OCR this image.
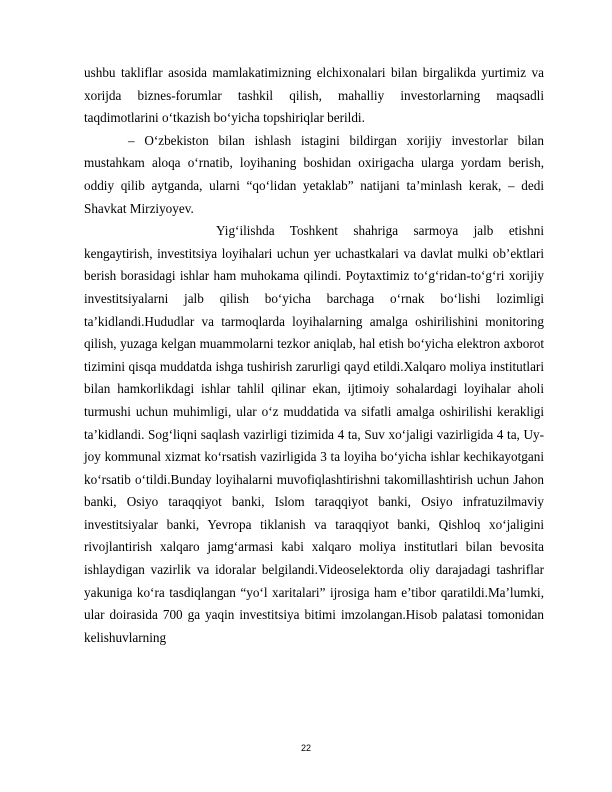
ushbu takliflar asosida mamlakatimizning elchixonalari bilan birgalikda yurtimiz va xorijda biznes-forumlar tashkil qilish, mahalliy investorlarning maqsadli taqdimotlarini o‘tkazish bo‘yicha topshiriqlar berildi.

– O‘zbekiston bilan ishlash istagini bildirgan xorijiy investorlar bilan mustahkam aloqa o‘rnatib, loyihaning boshidan oxirigacha ularga yordam berish, oddiy qilib aytganda, ularni “qo‘lidan yetaklab” natijani ta’minlash kerak, – dedi Shavkat Mirziyoyev.

Yig‘ilishda Toshkent shahriga sarmoya jalb etishni kengaytirish, investitsiya loyihalari uchun yer uchastkalari va davlat mulki ob’ektlari berish borasidagi ishlar ham muhokama qilindi. Poytaxtimiz to‘g‘ridan-to‘g‘ri xorijiy investitsiyalarni jalb qilish bo‘yicha barchaga o‘rnak bo‘lishi lozimligi ta’kidlandi.Hududlar va tarmoqlarda loyihalarning amalga oshirilishini monitoring qilish, yuzaga kelgan muammolarni tezkor aniqlab, hal etish bo‘yicha elektron axborot tizimini qisqa muddatda ishga tushirish zarurligi qayd etildi.Xalqaro moliya institutlari bilan hamkorlikdagi ishlar tahlil qilinar ekan, ijtimoiy sohalardagi loyihalar aholi turmushi uchun muhimligi, ular o‘z muddatida va sifatli amalga oshirilishi kerakligi ta’kidlandi. Sog‘liqni saqlash vazirligi tizimida 4 ta, Suv xo‘jaligi vazirligida 4 ta, Uy-joy kommunal xizmat ko‘rsatish vazirligida 3 ta loyiha bo‘yicha ishlar kechikayotgani ko‘rsatib o‘tildi.Bunday loyihalarni muvofiqlashtirishni takomillashtirish uchun Jahon banki, Osiyo taraqqiyot banki, Islom taraqqiyot banki, Osiyo infratuzilmaviy investitsiyalar banki, Yevropa tiklanish va taraqqiyot banki, Qishloq xo‘jaligini rivojlantirish xalqaro jamg‘armasi kabi xalqaro moliya institutlari bilan bevosita ishlaydigan vazirlik va idoralar belgilandi.Videoselektorda oliy darajadagi tashriflar yakuniga ko‘ra tasdiqlangan “yo‘l xaritalari” ijrosiga ham e’tibor qaratildi.Ma’lumki, ular doirasida 700 ga yaqin investitsiya bitimi imzolangan.Hisob palatasi tomonidan kelishuvlarning

22
